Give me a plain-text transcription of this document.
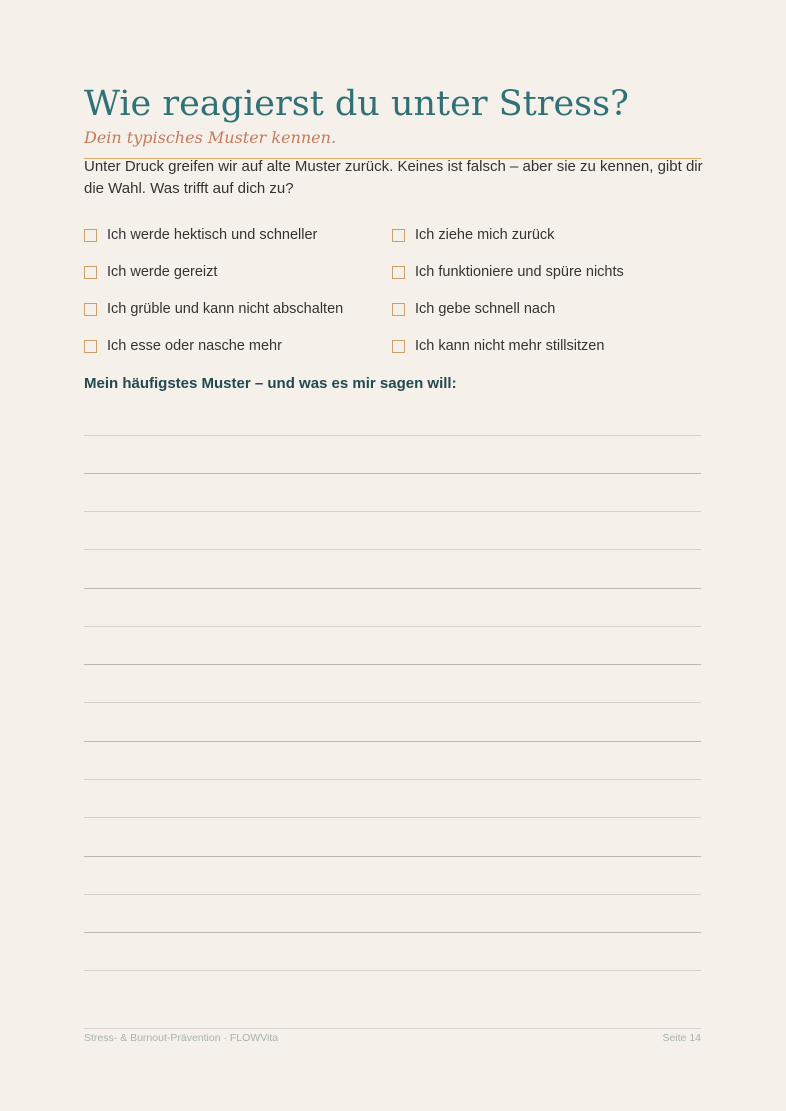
Wie reagierst du unter Stress?

Dein typisches Muster kennen.

Unter Druck greifen wir auf alte Muster zurück. Keines ist falsch – aber sie zu kennen, gibt dir die Wahl. Was trifft auf dich zu?

Ich werde hektisch und schneller
Ich werde gereizt
Ich grüble und kann nicht abschalten
Ich esse oder nasche mehr
Ich ziehe mich zurück
Ich funktioniere und spüre nichts
Ich gebe schnell nach
Ich kann nicht mehr stillsitzen

Mein häufigstes Muster – und was es mir sagen will:

Stress- & Burnout-Prävention · FLOWVita	Seite 14
